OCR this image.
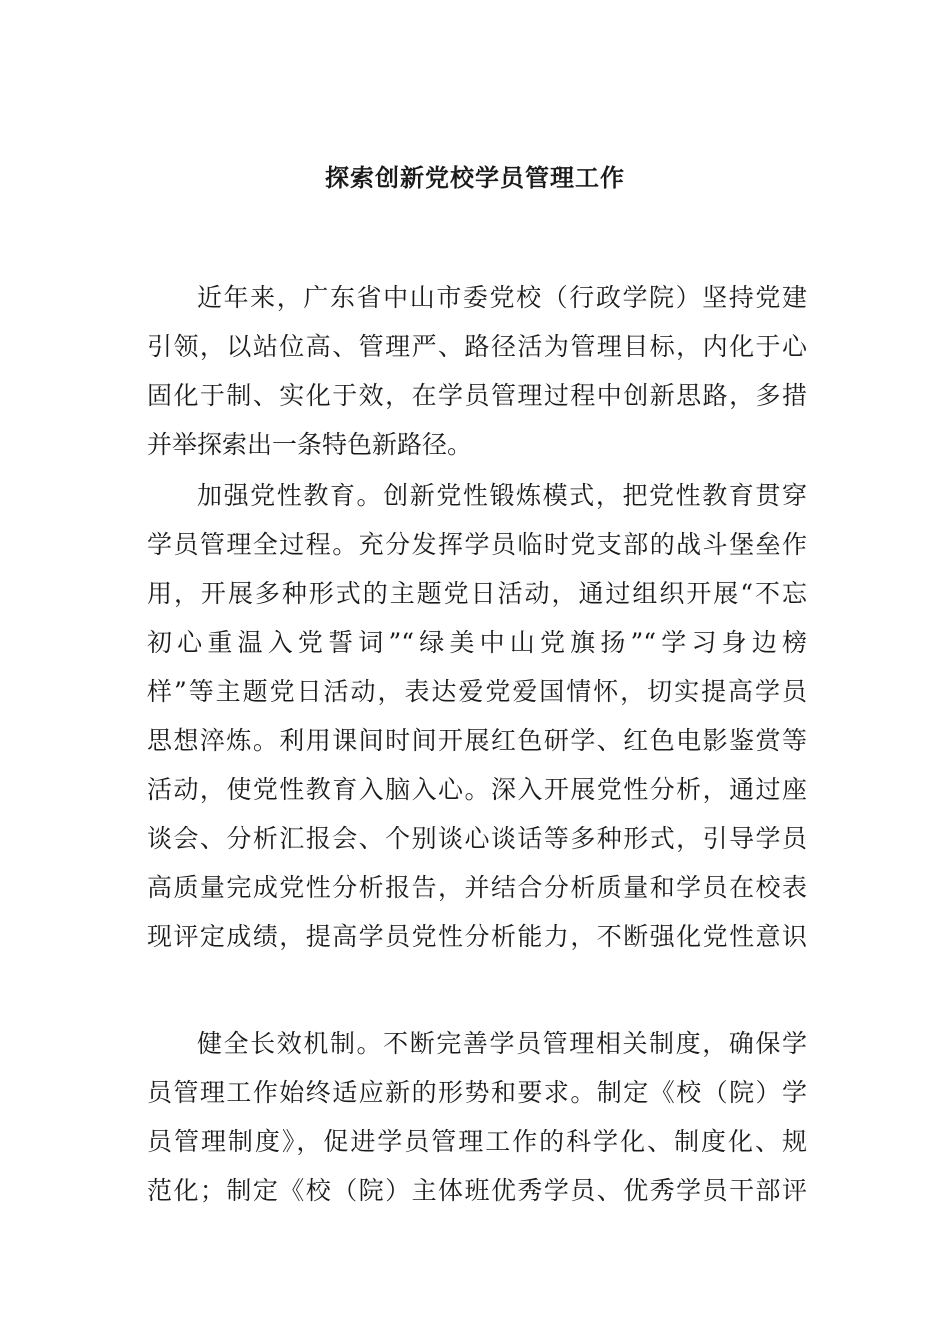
探索创新党校学员管理工作
近年来，广东省中山市委党校（行政学院）坚持党建
引领，以站位高、管理严、路径活为管理目标，内化于心
固化于制、实化于效，在学员管理过程中创新思路，多措
并举探索出一条特色新路径。
加强党性教育。创新党性锻炼模式，把党性教育贯穿
学员管理全过程。充分发挥学员临时党支部的战斗堡垒作
用，开展多种形式的主题党日活动，通过组织开展“不忘
初心重温入党誓词”“绿美中山党旗扬”“学习身边榜
样”等主题党日活动，表达爱党爱国情怀，切实提高学员
思想淬炼。利用课间时间开展红色研学、红色电影鉴赏等
活动，使党性教育入脑入心。深入开展党性分析，通过座
谈会、分析汇报会、个别谈心谈话等多种形式，引导学员
高质量完成党性分析报告，并结合分析质量和学员在校表
现评定成绩，提高学员党性分析能力，不断强化党性意识
健全长效机制。不断完善学员管理相关制度，确保学
员管理工作始终适应新的形势和要求。制定《校（院）学
员管理制度》，促进学员管理工作的科学化、制度化、规
范化；制定《校（院）主体班优秀学员、优秀学员干部评
